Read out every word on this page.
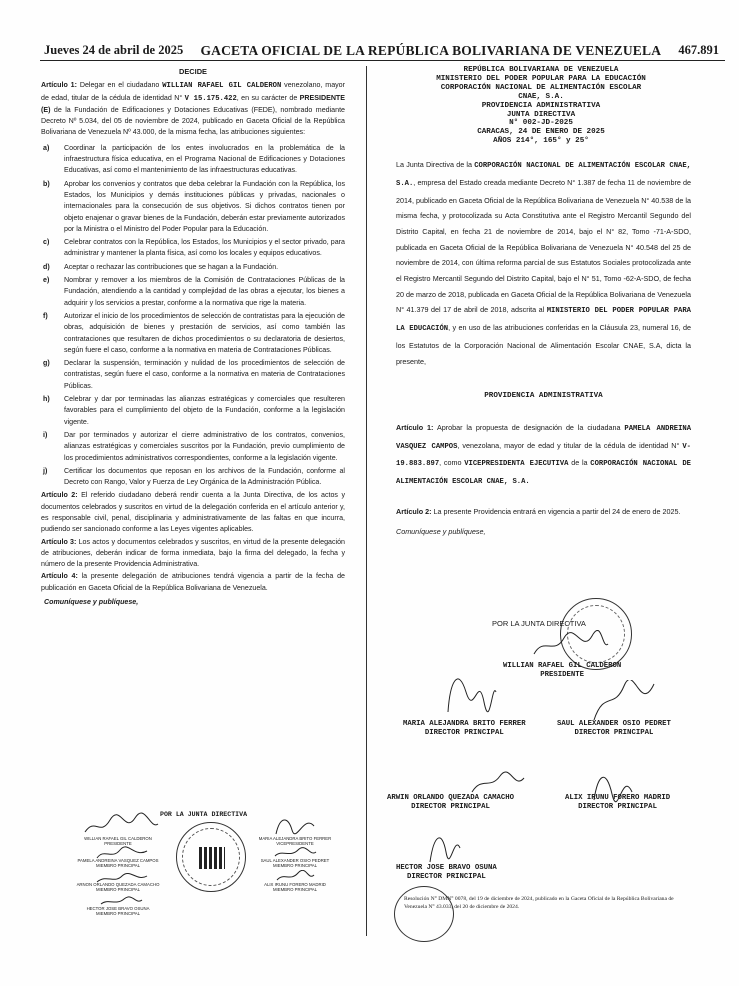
Jueves 24 de abril de 2025 GACETA OFICIAL DE LA REPÚBLICA BOLIVARIANA DE VENEZUELA 467.891
DECIDE

Artículo 1: Delegar en el ciudadano WILLIAN RAFAEL GIL CALDERON venezolano, mayor de edad, titular de la cédula de identidad N° V 15.175.422, en su carácter de PRESIDENTE (E) de la Fundación de Edificaciones y Dotaciones Educativas (FEDE), nombrado mediante Decreto Nº 5.034, del 05 de noviembre de 2024, publicado en Gaceta Oficial de la República Bolivariana de Venezuela Nº 43.000, de la misma fecha, las atribuciones siguientes:

a)	Coordinar la participación de los entes involucrados en la problemática de la infraestructura física educativa, en el Programa Nacional de Edificaciones y Dotaciones Educativas, así como el mantenimiento de las infraestructuras educativas.
b)	Aprobar los convenios y contratos que deba celebrar la Fundación con la República, los Estados, los Municipios y demás instituciones públicas y privadas, nacionales o internacionales para la consecución de sus objetivos. Si dichos contratos tienen por objeto enajenar o gravar bienes de la Fundación, deberán estar previamente autorizados por la Ministra o el Ministro del Poder Popular para la Educación.
c)	Celebrar contratos con la República, los Estados, los Municipios y el sector privado, para administrar y mantener la planta física, así como los locales y equipos educativos.
d)	Aceptar o rechazar las contribuciones que se hagan a la Fundación.
e)	Nombrar y remover a los miembros de la Comisión de Contrataciones Públicas de la Fundación, atendiendo a la cantidad y complejidad de las obras a ejecutar, los bienes a adquirir y los servicios a prestar, conforme a la normativa que rige la materia.
f)	Autorizar el inicio de los procedimientos de selección de contratistas para la ejecución de obras, adquisición de bienes y prestación de servicios, así como también las contrataciones que resultaren de dichos procedimientos o su declaratoria de desiertos, según fuere el caso, conforme a la normativa en materia de Contrataciones Públicas.
g)	Declarar la suspensión, terminación y nulidad de los procedimientos de selección de contratistas, según fuere el caso, conforme a la normativa en materia de Contrataciones Públicas.
h)	Celebrar y dar por terminadas las alianzas estratégicas y comerciales que resulteren favorables para el cumplimiento del objeto de la Fundación, conforme a la legislación vigente.
i)	Dar por terminados y autorizar el cierre administrativo de los contratos, convenios, alianzas estratégicas y comerciales suscritos por la Fundación, previo cumplimiento de los procedimientos administrativos correspondientes, conforme a la legislación vigente.
j)	Certificar los documentos que reposan en los archivos de la Fundación, conforme al Decreto con Rango, Valor y Fuerza de Ley Orgánica de la Administración Pública.

Artículo 2: El referido ciudadano deberá rendir cuenta a la Junta Directiva, de los actos y documentos celebrados y suscritos en virtud de la delegación conferida en el artículo anterior y, es responsable civil, penal, disciplinaria y administrativamente de las faltas en que incurra, pudiendo ser sancionado conforme a las Leyes vigentes aplicables.

Artículo 3: Los actos y documentos celebrados y suscritos, en virtud de la presente delegación de atribuciones, deberán indicar de forma inmediata, bajo la firma del delegado, la fecha y número de la presente Providencia Administrativa.

Artículo 4: la presente delegación de atribuciones tendrá vigencia a partir de la fecha de publicación en Gaceta Oficial de la República Bolivariana de Venezuela.

Comuníquese y publíquese,
POR LA JUNTA DIRECTIVA
WILLIAN RAFAEL GIL CALDERON
PRESIDENTE
PAMELA ANDREINA VASQUEZ CAMPOS
MIEMBRO PRINCIPAL
ARNON ORLANDO QUEZADA CAMACHO
MIEMBRO PRINCIPAL
HECTOR JOSE BRAVO OSUNA
MIEMBRO PRINCIPAL
MARIA ALEJANDRA BRITO FERRER
VICEPRESIDENTE
SAUL ALEXANDER OSIO PEDRET
MIEMBRO PRINCIPAL
ALIX IRUNU FORERO MADRID
MIEMBRO PRINCIPAL
REPÚBLICA BOLIVARIANA DE VENEZUELA
MINISTERIO DEL PODER POPULAR PARA LA EDUCACIÓN
CORPORACIÓN NACIONAL DE ALIMENTACIÓN ESCOLAR
CNAE, S.A.
PROVIDENCIA ADMINISTRATIVA
JUNTA DIRECTIVA
N° 002-JD-2025
CARACAS, 24 DE ENERO DE 2025
AÑOS 214°, 165° y 25°

La Junta Directiva de la CORPORACIÓN NACIONAL DE ALIMENTACIÓN ESCOLAR CNAE, S.A., empresa del Estado creada mediante Decreto N° 1.387 de fecha 11 de noviembre de 2014, publicado en Gaceta Oficial de la República Bolivariana de Venezuela N° 40.538 de la misma fecha, y protocolizada su Acta Constitutiva ante el Registro Mercantil Segundo del Distrito Capital, en fecha 21 de noviembre de 2014, bajo el N° 82, Tomo -71-A-SDO, publicada en Gaceta Oficial de la República Bolivariana de Venezuela N° 40.548 del 25 de noviembre de 2014, con última reforma parcial de sus Estatutos Sociales protocolizada ante el Registro Mercantil Segundo del Distrito Capital, bajo el N° 51, Tomo -62-A-SDO, de fecha 20 de marzo de 2018, publicada en Gaceta Oficial de la República Bolivariana de Venezuela N° 41.379 del 17 de abril de 2018, adscrita al MINISTERIO DEL PODER POPULAR PARA LA EDUCACIÓN, y en uso de las atribuciones conferidas en la Cláusula 23, numeral 16, de los Estatutos de la Corporación Nacional de Alimentación Escolar CNAE, S.A, dicta la presente,

PROVIDENCIA ADMINISTRATIVA

Artículo 1: Aprobar la propuesta de designación de la ciudadana PAMELA ANDREINA VASQUEZ CAMPOS, venezolana, mayor de edad y titular de la cédula de identidad N° V-19.883.897, como VICEPRESIDENTA EJECUTIVA de la CORPORACIÓN NACIONAL DE ALIMENTACIÓN ESCOLAR CNAE, S.A.

Artículo 2: La presente Providencia entrará en vigencia a partir del 24 de enero de 2025.

Comuníquese y publíquese,
POR LA JUNTA DIRECTIVA
WILLIAN RAFAEL GIL CALDERON
PRESIDENTE
MARIA ALEJANDRA BRITO FERRER
DIRECTOR PRINCIPAL
SAUL ALEXANDER OSIO PEDRET
DIRECTOR PRINCIPAL
ARWIN ORLANDO QUEZADA CAMACHO
DIRECTOR PRINCIPAL
ALIX IRUNU FORERO MADRID
DIRECTOR PRINCIPAL
HECTOR JOSE BRAVO OSUNA
DIRECTOR PRINCIPAL
Resolución N° DMN° 0078, del 19 de diciembre de 2024, publicado en la Gaceta Oficial de la República Bolivariana de Venezuela N° 43.033, del 20 de diciembre de 2024.
